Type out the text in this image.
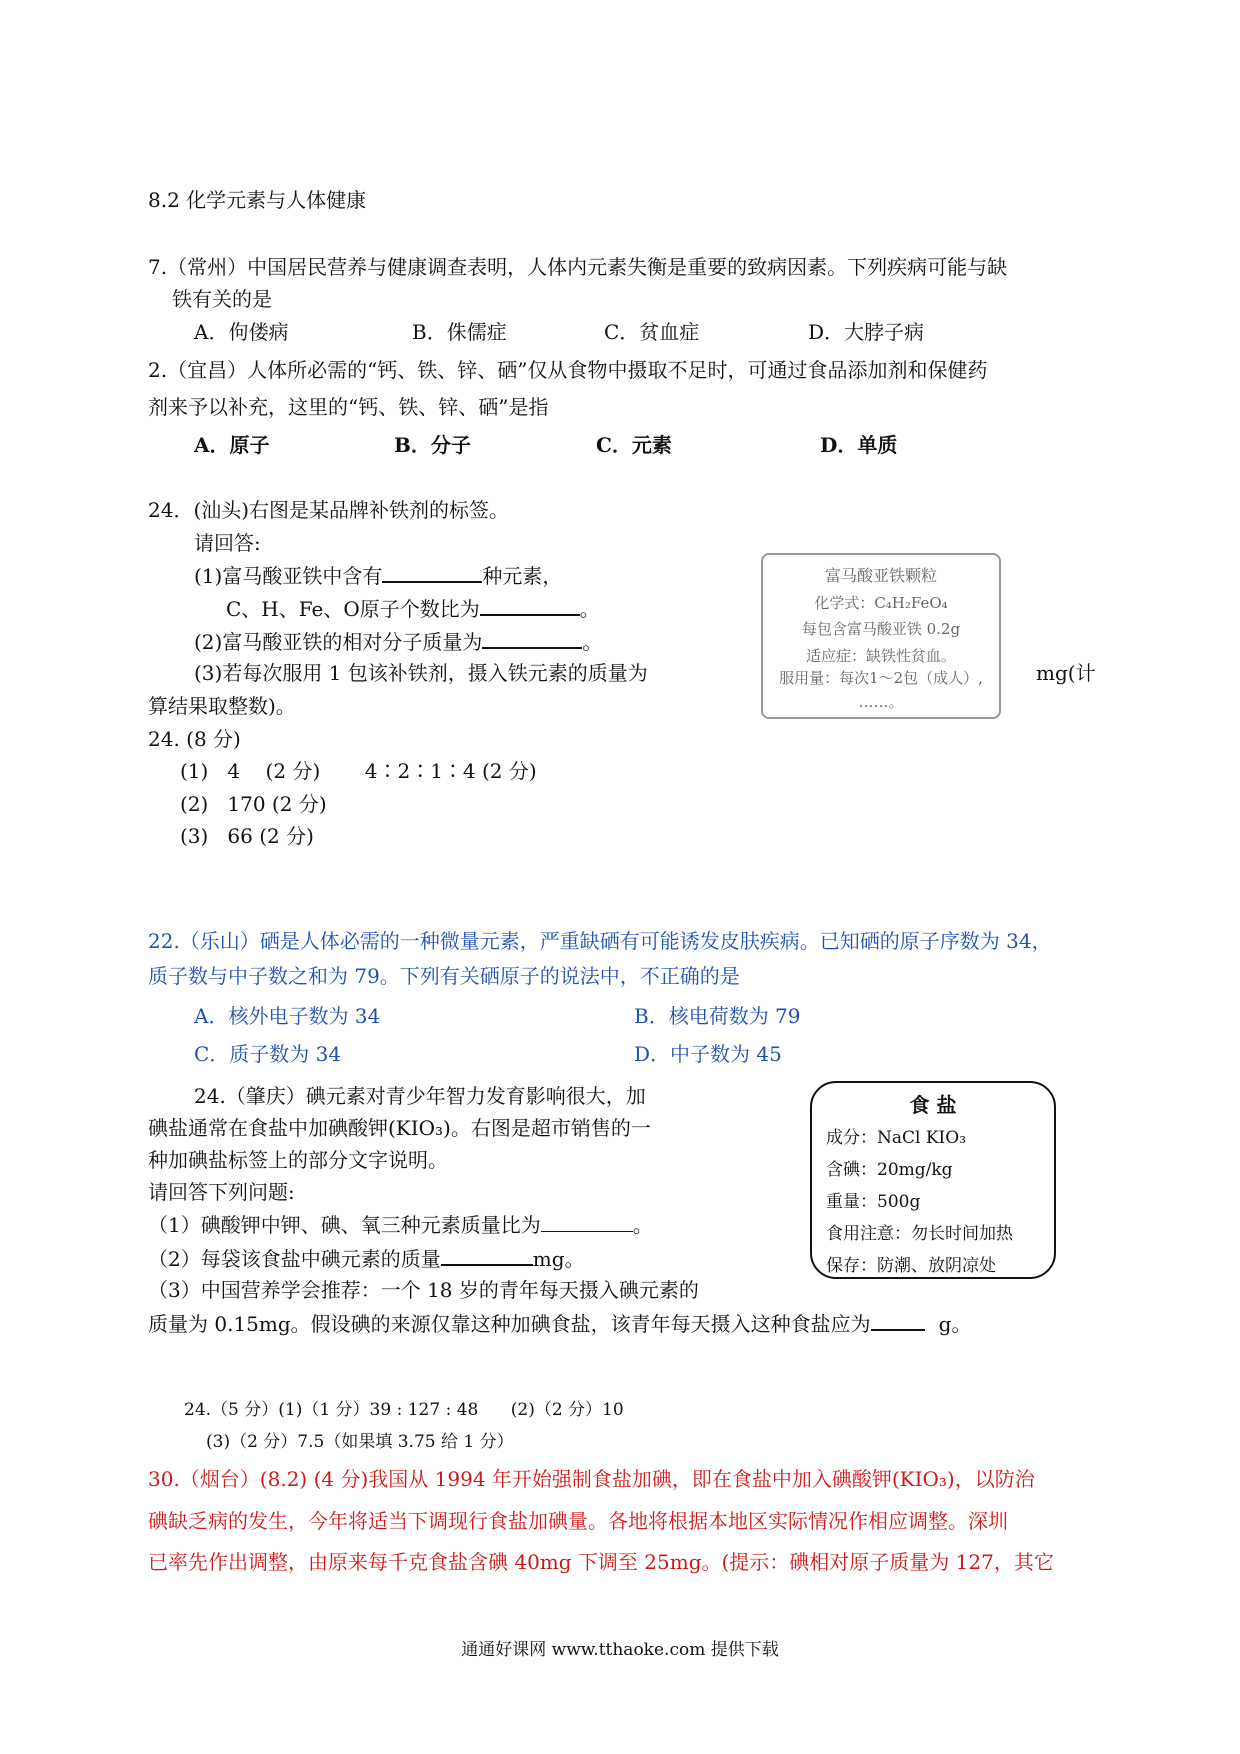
8.2 化学元素与人体健康
7.（常州）中国居民营养与健康调查表明，人体内元素失衡是重要的致病因素。下列疾病可能与缺
铁有关的是
A．佝偻病	B．侏儒症	C．贫血症	D．大脖子病
2.（宜昌）人体所必需的“钙、铁、锌、硒”仅从食物中摄取不足时，可通过食品添加剂和保健药
剂来予以补充，这里的“钙、铁、锌、硒”是指
A．原子	B．分子	C．元素	D．单质
24．(汕头)右图是某品牌补铁剂的标签。
请回答:
(1)富马酸亚铁中含有	种元素，
C、H、Fe、O原子个数比为	。
(2)富马酸亚铁的相对分子质量为	。
(3)若每次服用 1 包该补铁剂，摄入铁元素的质量为	mg(计
算结果取整数)。
富马酸亚铁颗粒
化学式：C₄H₂FeO₄
每包含富马酸亚铁 0.2g
适应症：缺铁性贫血。
服用量：每次1～2包（成人）,
……。
24. (8 分)
(1)   4    (2 分)       4∶2∶1∶4 (2 分)
(2)   170 (2 分)
(3)   66 (2 分)
22.（乐山）硒是人体必需的一种微量元素，严重缺硒有可能诱发皮肤疾病。已知硒的原子序数为 34，
质子数与中子数之和为 79。下列有关硒原子的说法中，不正确的是
A．核外电子数为 34	B．核电荷数为 79
C．质子数为 34	D．中子数为 45
24.（肇庆）碘元素对青少年智力发育影响很大，加
碘盐通常在食盐中加碘酸钾(KIO₃)。右图是超市销售的一
种加碘盐标签上的部分文字说明。
请回答下列问题:
（1）碘酸钾中钾、碘、氧三种元素质量比为	。
（2）每袋该食盐中碘元素的质量	mg。
（3）中国营养学会推荐：一个 18 岁的青年每天摄入碘元素的
质量为 0.15mg。假设碘的来源仅靠这种加碘食盐，该青年每天摄入这种食盐应为	g。
食 盐
成分：NaCl KIO₃
含碘：20mg/kg
重量：500g
食用注意：勿长时间加热
保存：防潮、放阴凉处
24.（5 分）(1)（1 分）39 : 127 : 48      (2)（2 分）10
(3)（2 分）7.5（如果填 3.75 给 1 分）
30.（烟台）(8.2) (4 分)我国从 1994 年开始强制食盐加碘，即在食盐中加入碘酸钾(KIO₃)，以防治
碘缺乏病的发生，今年将适当下调现行食盐加碘量。各地将根据本地区实际情况作相应调整。深圳
已率先作出调整，由原来每千克食盐含碘 40mg 下调至 25mg。(提示：碘相对原子质量为 127，其它
通通好课网 www.tthaoke.com 提供下载
